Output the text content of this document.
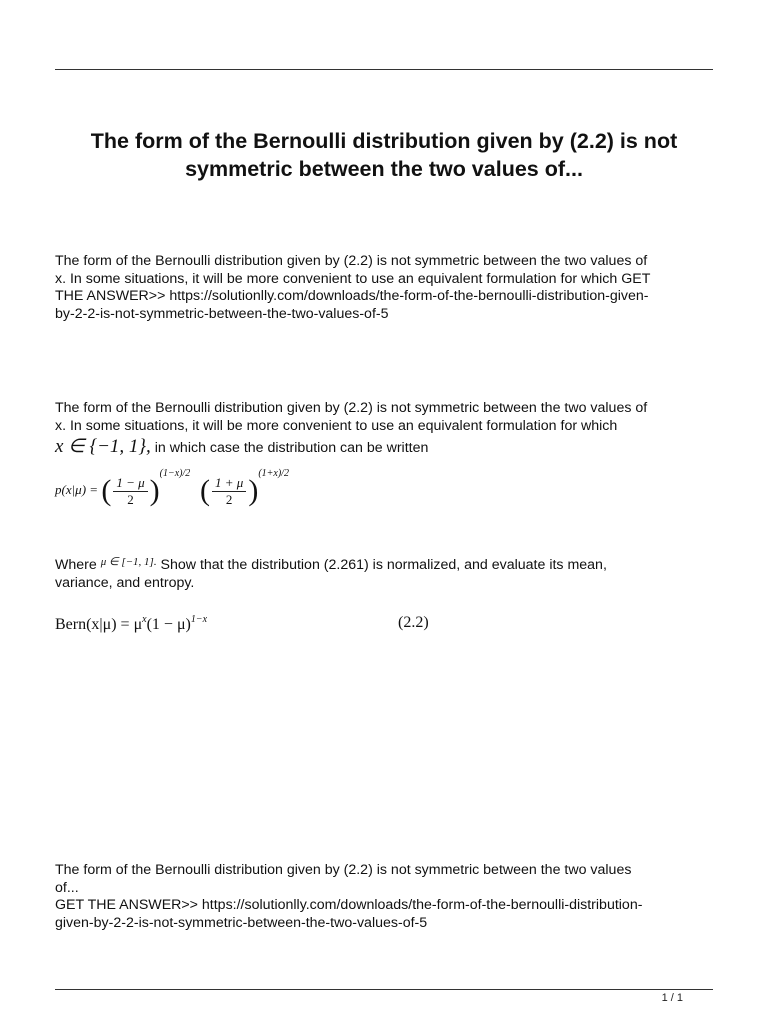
The form of the Bernoulli distribution given by (2.2) is not symmetric between the two values of...

The form of the Bernoulli distribution given by (2.2) is not symmetric between the two values of
x. In some situations, it will be more convenient to use an equivalent formulation for which GET
THE ANSWER>> https://solutionlly.com/downloads/the-form-of-the-bernoulli-distribution-given-
by-2-2-is-not-symmetric-between-the-two-values-of-5

The form of the Bernoulli distribution given by (2.2) is not symmetric between the two values of
x. In some situations, it will be more convenient to use an equivalent formulation for which

x ∈ {−1, 1}, in which case the distribution can be written
p(x|μ) = ( $\frac{1 - \mu}{2} )^{(1-x)/2}$   ( $\frac{1 + \mu}{2} )^{(1+x)/2}$
Where $^{\mu \in [-1, 1].}$ Show that the distribution (2.261) is normalized, and evaluate its mean,
variance, and entropy.
Bern(x|μ) = $\mu^x(1 - \mu)^{1-x}$	(2.2)

The form of the Bernoulli distribution given by (2.2) is not symmetric between the two values
of...
GET THE ANSWER>> https://solutionlly.com/downloads/the-form-of-the-bernoulli-distribution-
given-by-2-2-is-not-symmetric-between-the-two-values-of-5

1 / 1
